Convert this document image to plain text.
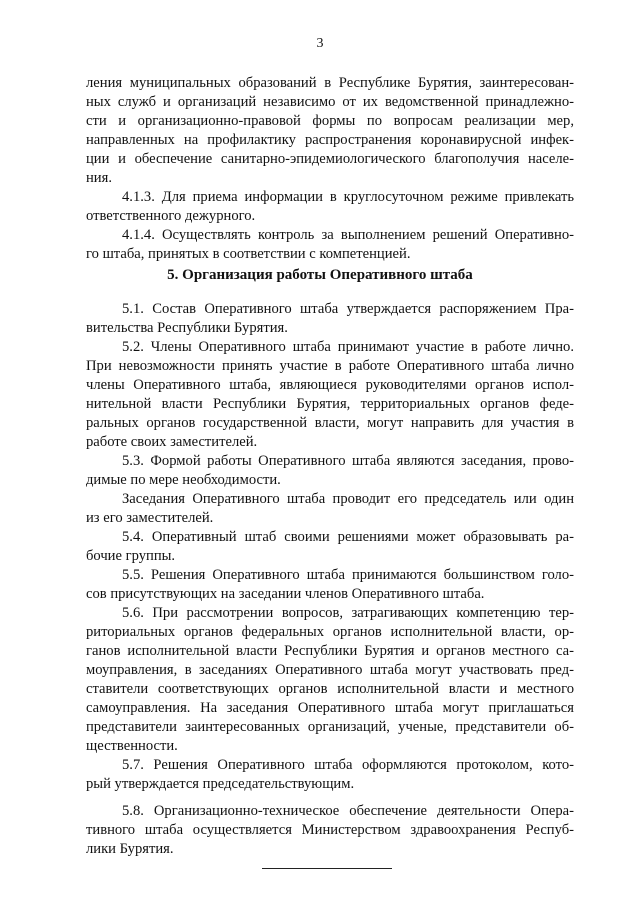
3
ления муниципальных образований в Республике Бурятия, заинтересован-
ных служб и организаций независимо от их ведомственной принадлежно-
сти и организационно-правовой формы по вопросам реализации мер,
направленных на профилактику распространения коронавирусной инфек-
ции и обеспечение санитарно-эпидемиологического благополучия населе-
ния.
4.1.3. Для приема информации в круглосуточном режиме привлекать
ответственного дежурного.
4.1.4. Осуществлять контроль за выполнением решений Оперативно-
го штаба, принятых в соответствии с компетенцией.
5. Организация работы Оперативного штаба
5.1. Состав Оперативного штаба утверждается распоряжением Пра-
вительства Республики Бурятия.
5.2. Члены Оперативного штаба принимают участие в работе лично.
При невозможности принять участие в работе Оперативного штаба лично
члены Оперативного штаба, являющиеся руководителями органов испол-
нительной власти Республики Бурятия, территориальных органов феде-
ральных органов государственной власти, могут направить для участия в
работе своих заместителей.
5.3. Формой работы Оперативного штаба являются заседания, прово-
димые по мере необходимости.
Заседания Оперативного штаба проводит его председатель или один
из его заместителей.
5.4. Оперативный штаб своими решениями может образовывать ра-
бочие группы.
5.5. Решения Оперативного штаба принимаются большинством голо-
сов присутствующих на заседании членов Оперативного штаба.
5.6. При рассмотрении вопросов, затрагивающих компетенцию тер-
риториальных органов федеральных органов исполнительной власти, ор-
ганов исполнительной власти Республики Бурятия и органов местного са-
моуправления, в заседаниях Оперативного штаба могут участвовать пред-
ставители соответствующих органов исполнительной власти и местного
самоуправления. На заседания Оперативного штаба могут приглашаться
представители заинтересованных организаций, ученые, представители об-
щественности.
5.7. Решения Оперативного штаба оформляются протоколом, кото-
рый утверждается председательствующим.
5.8. Организационно-техническое обеспечение деятельности Опера-
тивного штаба осуществляется Министерством здравоохранения Респуб-
лики Бурятия.
